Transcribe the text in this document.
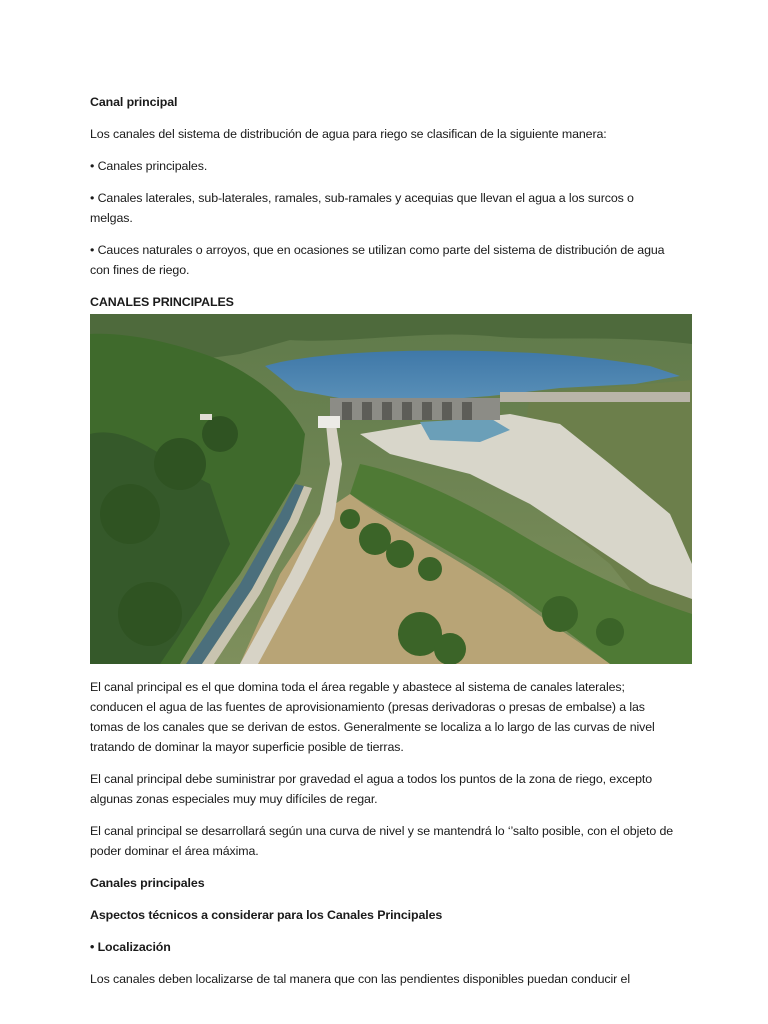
Canal principal

Los canales del sistema de distribución de agua para riego se clasifican de la siguiente manera:

• Canales principales.

• Canales laterales, sub-laterales, ramales, sub-ramales y acequias que llevan el agua a los surcos o melgas.

• Cauces naturales o arroyos, que en ocasiones se utilizan como parte del sistema de distribución de agua con fines de riego.

CANALES PRINCIPALES

El canal principal es el que domina toda el área regable y abastece al sistema de canales laterales; conducen el agua de las fuentes de aprovisionamiento (presas derivadoras o presas de embalse) a las tomas de los canales que se derivan de estos. Generalmente se localiza a lo largo de las curvas de nivel tratando de dominar la mayor superficie posible de tierras.

El canal principal debe suministrar por gravedad el agua a todos los puntos de la zona de riego, excepto algunas zonas especiales muy muy difíciles de regar.

El canal principal se desarrollará según una curva de nivel y se mantendrá lo ‘’salto posible, con el objeto de poder dominar el área máxima.

Canales principales

Aspectos técnicos a considerar para los Canales Principales

• Localización

Los canales deben localizarse de tal manera que con las pendientes disponibles puedan conducir el
